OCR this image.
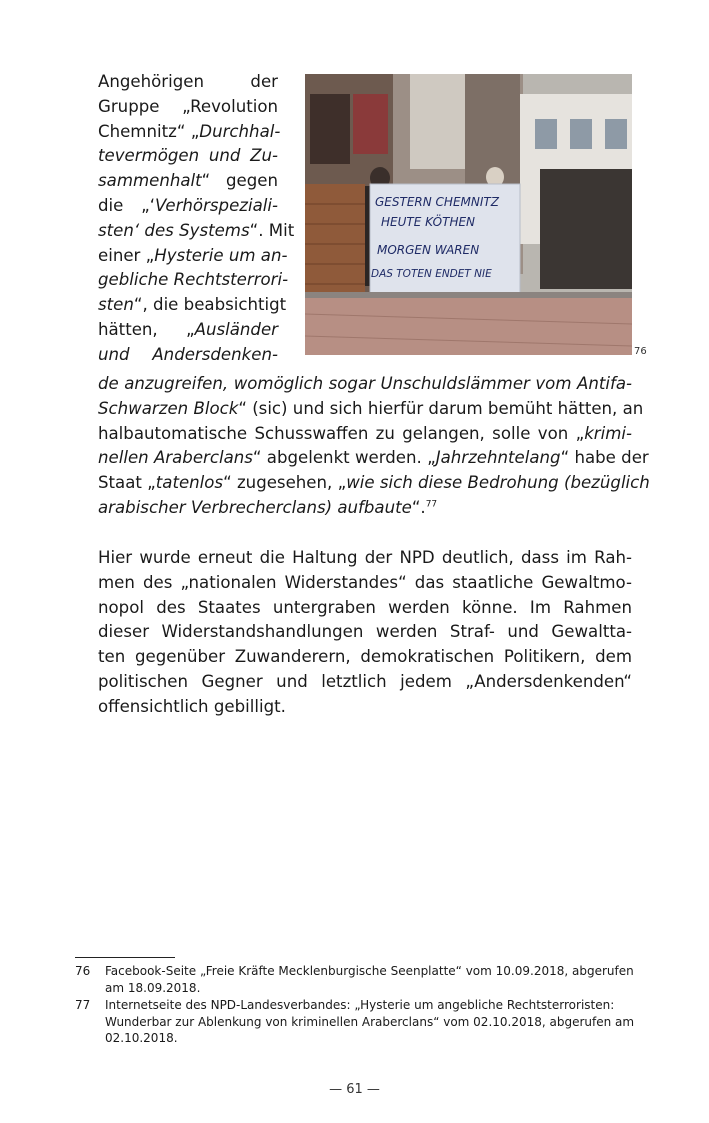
Angehörigen der
Gruppe „Revolution
Chemnitz“ „Durchhal-
tevermögen und Zu-
sammenhalt“ gegen
die „‘Verhörspeziali-
sten‘ des Systems“. Mit
einer „Hysterie um an-
gebliche Rechtsterrori-
sten“, die beabsichtigt
hätten, „Ausländer
und Andersdenken-
GESTERN CHEMNITZ
HEUTE KÖTHEN
MORGEN WAREN
DAS TOTEN ENDET NIE
76
de anzugreifen, womöglich sogar Unschuldslämmer vom Antifa-
Schwarzen Block“ (sic) und sich hierfür darum bemüht hätten, an
halbautomatische Schusswaffen zu gelangen, solle von „krimi-
nellen Araberclans“ abgelenkt werden. „Jahrzehntelang“ habe der
Staat „tatenlos“ zugesehen, „wie sich diese Bedrohung (bezüglich
arabischer Verbrecherclans) aufbaute“.$^{77}$
Hier wurde erneut die Haltung der NPD deutlich, dass im Rah-
men des „nationalen Widerstandes“ das staatliche Gewaltmo-
nopol des Staates untergraben werden könne. Im Rahmen
dieser Widerstandshandlungen werden Straf- und Gewaltta-
ten gegenüber Zuwanderern, demokratischen Politikern, dem
politischen Gegner und letztlich jedem „Andersdenkenden“
offensichtlich gebilligt.
76 Facebook-Seite „Freie Kräfte Mecklenburgische Seenplatte“ vom 10.09.2018, abgerufen am 18.09.2018.
77 Internetseite des NPD-Landesverbandes: „Hysterie um angebliche Rechtsterroristen: Wunderbar zur Ablenkung von kriminellen Araberclans“ vom 02.10.2018, abgerufen am 02.10.2018.
— 61 —
